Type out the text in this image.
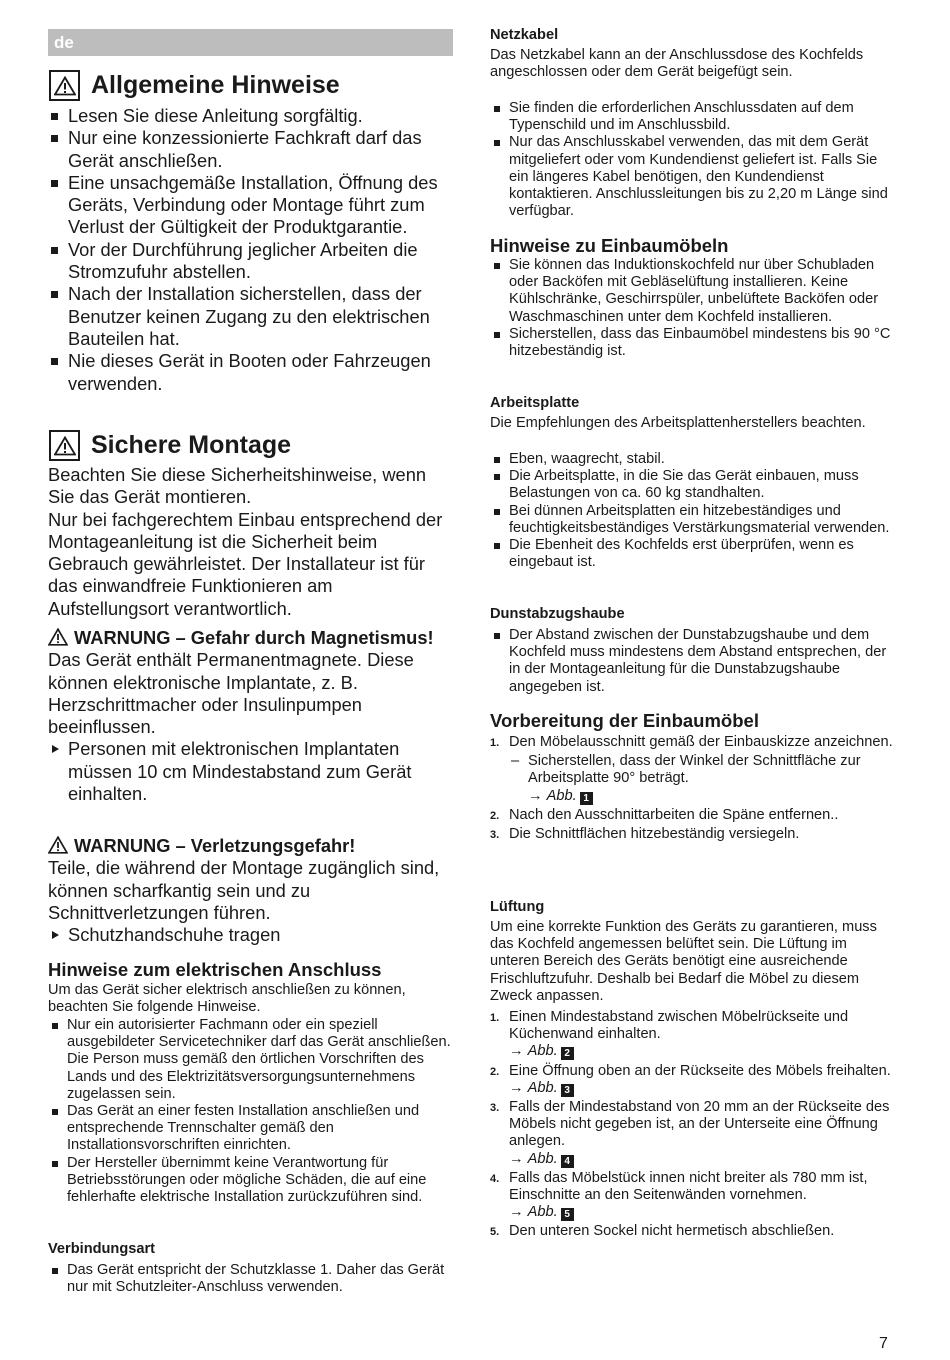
de
Allgemeine Hinweise
Lesen Sie diese Anleitung sorgfältig.
Nur eine konzessionierte Fachkraft darf das Gerät anschließen.
Eine unsachgemäße Installation, Öffnung des Geräts, Verbindung oder Montage führt zum Verlust der Gültigkeit der Produktgarantie.
Vor der Durchführung jeglicher Arbeiten die Stromzufuhr abstellen.
Nach der Installation sicherstellen, dass der Benutzer keinen Zugang zu den elektrischen Bauteilen hat.
Nie dieses Gerät in Booten oder Fahrzeugen verwenden.
Sichere Montage

Beachten Sie diese Sicherheitshinweise, wenn Sie das Gerät montieren.

Nur bei fachgerechtem Einbau entsprechend der Montageanleitung ist die Sicherheit beim Gebrauch gewährleistet. Der Installateur ist für das einwandfreie Funktionieren am Aufstellungsort verantwortlich.

WARNUNG – Gefahr durch Magnetismus!

Das Gerät enthält Permanentmagnete. Diese können elektronische Implantate, z. B. Herzschrittmacher oder Insulinpumpen beeinflussen.

Personen mit elektronischen Implantaten müssen 10 cm Mindestabstand zum Gerät einhalten.

WARNUNG – Verletzungsgefahr!

Teile, die während der Montage zugänglich sind, können scharfkantig sein und zu Schnittverletzungen führen.

Schutzhandschuhe tragen

Hinweise zum elektrischen Anschluss

Um das Gerät sicher elektrisch anschließen zu können, beachten Sie folgende Hinweise.

Nur ein autorisierter Fachmann oder ein speziell ausgebildeter Servicetechniker darf das Gerät anschließen. Die Person muss gemäß den örtlichen Vorschriften des Lands und des Elektrizitätsversorgungsunternehmens zugelassen sein.
Das Gerät an einer festen Installation anschließen und entsprechende Trennschalter gemäß den Installationsvorschriften einrichten.
Der Hersteller übernimmt keine Verantwortung für Betriebsstörungen oder mögliche Schäden, die auf eine fehlerhafte elektrische Installation zurückzuführen sind.
Verbindungsart
Das Gerät entspricht der Schutzklasse 1. Daher das Gerät nur mit Schutzleiter-Anschluss verwenden.
Netzkabel

Das Netzkabel kann an der Anschlussdose des Kochfelds angeschlossen oder dem Gerät beigefügt sein.

Sie finden die erforderlichen Anschlussdaten auf dem Typenschild und im Anschlussbild.
Nur das Anschlusskabel verwenden, das mit dem Gerät mitgeliefert oder vom Kundendienst geliefert ist. Falls Sie ein längeres Kabel benötigen, den Kundendienst kontaktieren. Anschlussleitungen bis zu 2,20 m Länge sind verfügbar.
Hinweise zu Einbaumöbeln
Sie können das Induktionskochfeld nur über Schubladen oder Backöfen mit Gebläselüftung installieren. Keine Kühlschränke, Geschirrspüler, unbelüftete Backöfen oder Waschmaschinen unter dem Kochfeld installieren.
Sicherstellen, dass das Einbaumöbel mindestens bis 90 °C hitzebeständig ist.
Arbeitsplatte

Die Empfehlungen des Arbeitsplattenherstellers beachten.

Eben, waagrecht, stabil.
Die Arbeitsplatte, in die Sie das Gerät einbauen, muss Belastungen von ca. 60 kg standhalten.
Bei dünnen Arbeitsplatten ein hitzebeständiges und feuchtigkeitsbeständiges Verstärkungsmaterial verwenden.
Die Ebenheit des Kochfelds erst überprüfen, wenn es eingebaut ist.
Dunstabzugshaube
Der Abstand zwischen der Dunstabzugshaube und dem Kochfeld muss mindestens dem Abstand entsprechen, der in der Montageanleitung für die Dunstabzugshaube angegeben ist.
Vorbereitung der Einbaumöbel
1. Den Möbelausschnitt gemäß der Einbauskizze anzeichnen.
– Sicherstellen, dass der Winkel der Schnittfläche zur Arbeitsplatte 90° beträgt.
→ Abb. 1
2. Nach den Ausschnittarbeiten die Späne entfernen..
3. Die Schnittflächen hitzebeständig versiegeln.
Lüftung

Um eine korrekte Funktion des Geräts zu garantieren, muss das Kochfeld angemessen belüftet sein. Die Lüftung im unteren Bereich des Geräts benötigt eine ausreichende Frischluftzufuhr. Deshalb bei Bedarf die Möbel zu diesem Zweck anpassen.

1. Einen Mindestabstand zwischen Möbelrückseite und Küchenwand einhalten.
→ Abb. 2
2. Eine Öffnung oben an der Rückseite des Möbels freihalten.
→ Abb. 3
3. Falls der Mindestabstand von 20 mm an der Rückseite des Möbels nicht gegeben ist, an der Unterseite eine Öffnung anlegen.
→ Abb. 4
4. Falls das Möbelstück innen nicht breiter als 780 mm ist, Einschnitte an den Seitenwänden vornehmen.
→ Abb. 5
5. Den unteren Sockel nicht hermetisch abschließen.
7
